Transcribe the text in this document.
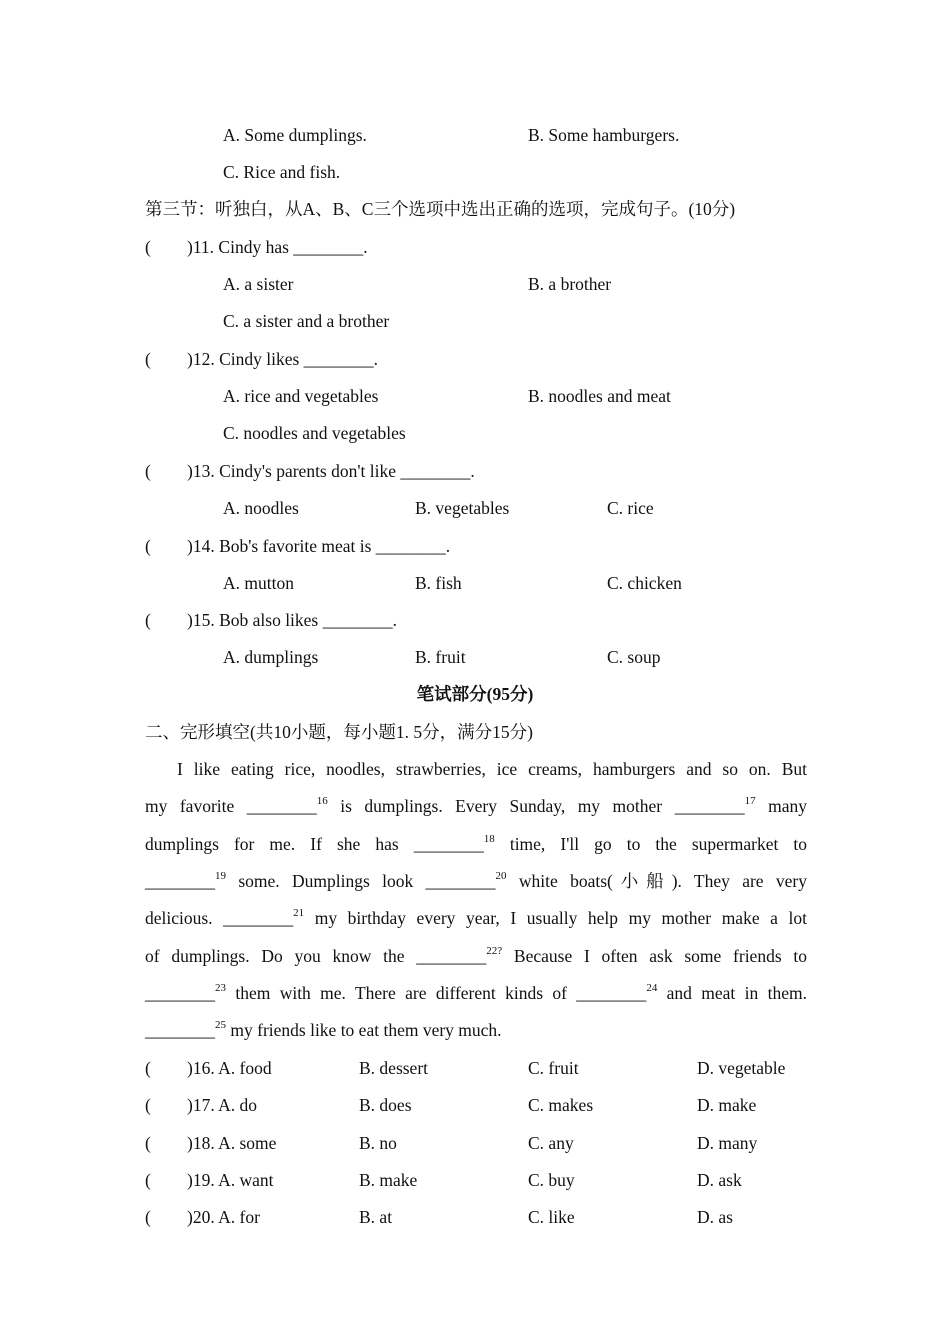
A. Some dumplings.	B. Some hamburgers.
C. Rice and fish.
第三节：听独白，从A、B、C三个选项中选出正确的选项，完成句子。(10分)
( )11. Cindy has ________.
A. a sister	B. a brother
C. a sister and a brother
( )12. Cindy likes ________.
A. rice and vegetables	B. noodles and meat
C. noodles and vegetables
( )13. Cindy's parents don't like ________.
A. noodles	B. vegetables	C. rice
( )14. Bob's favorite meat is ________.
A. mutton	B. fish	C. chicken
( )15. Bob also likes ________.
A. dumplings	B. fruit	C. soup
笔试部分(95分)
二、完形填空(共10小题，每小题1. 5分，满分15分)
I like eating rice, noodles, strawberries, ice creams, hamburgers and so on. But
my favorite ________$^{16}$ is dumplings. Every Sunday, my mother ________$^{17}$ many
dumplings for me. If she has ________$^{18}$ time, I'll go to the supermarket to
________$^{19}$ some. Dumplings look ________$^{20}$ white boats(小船). They are very
delicious. ________$^{21}$ my birthday every year, I usually help my mother make a lot
of dumplings. Do you know the ________$^{22?}$ Because I often ask some friends to
________$^{23}$ them with me. There are different kinds of ________$^{24}$ and meat in them.
________$^{25}$ my friends like to eat them very much.
( )16. A. food	B. dessert	C. fruit	D. vegetable
( )17. A. do	B. does	C. makes	D. make
( )18. A. some	B. no	C. any	D. many
( )19. A. want	B. make	C. buy	D. ask
( )20. A. for	B. at	C. like	D. as
